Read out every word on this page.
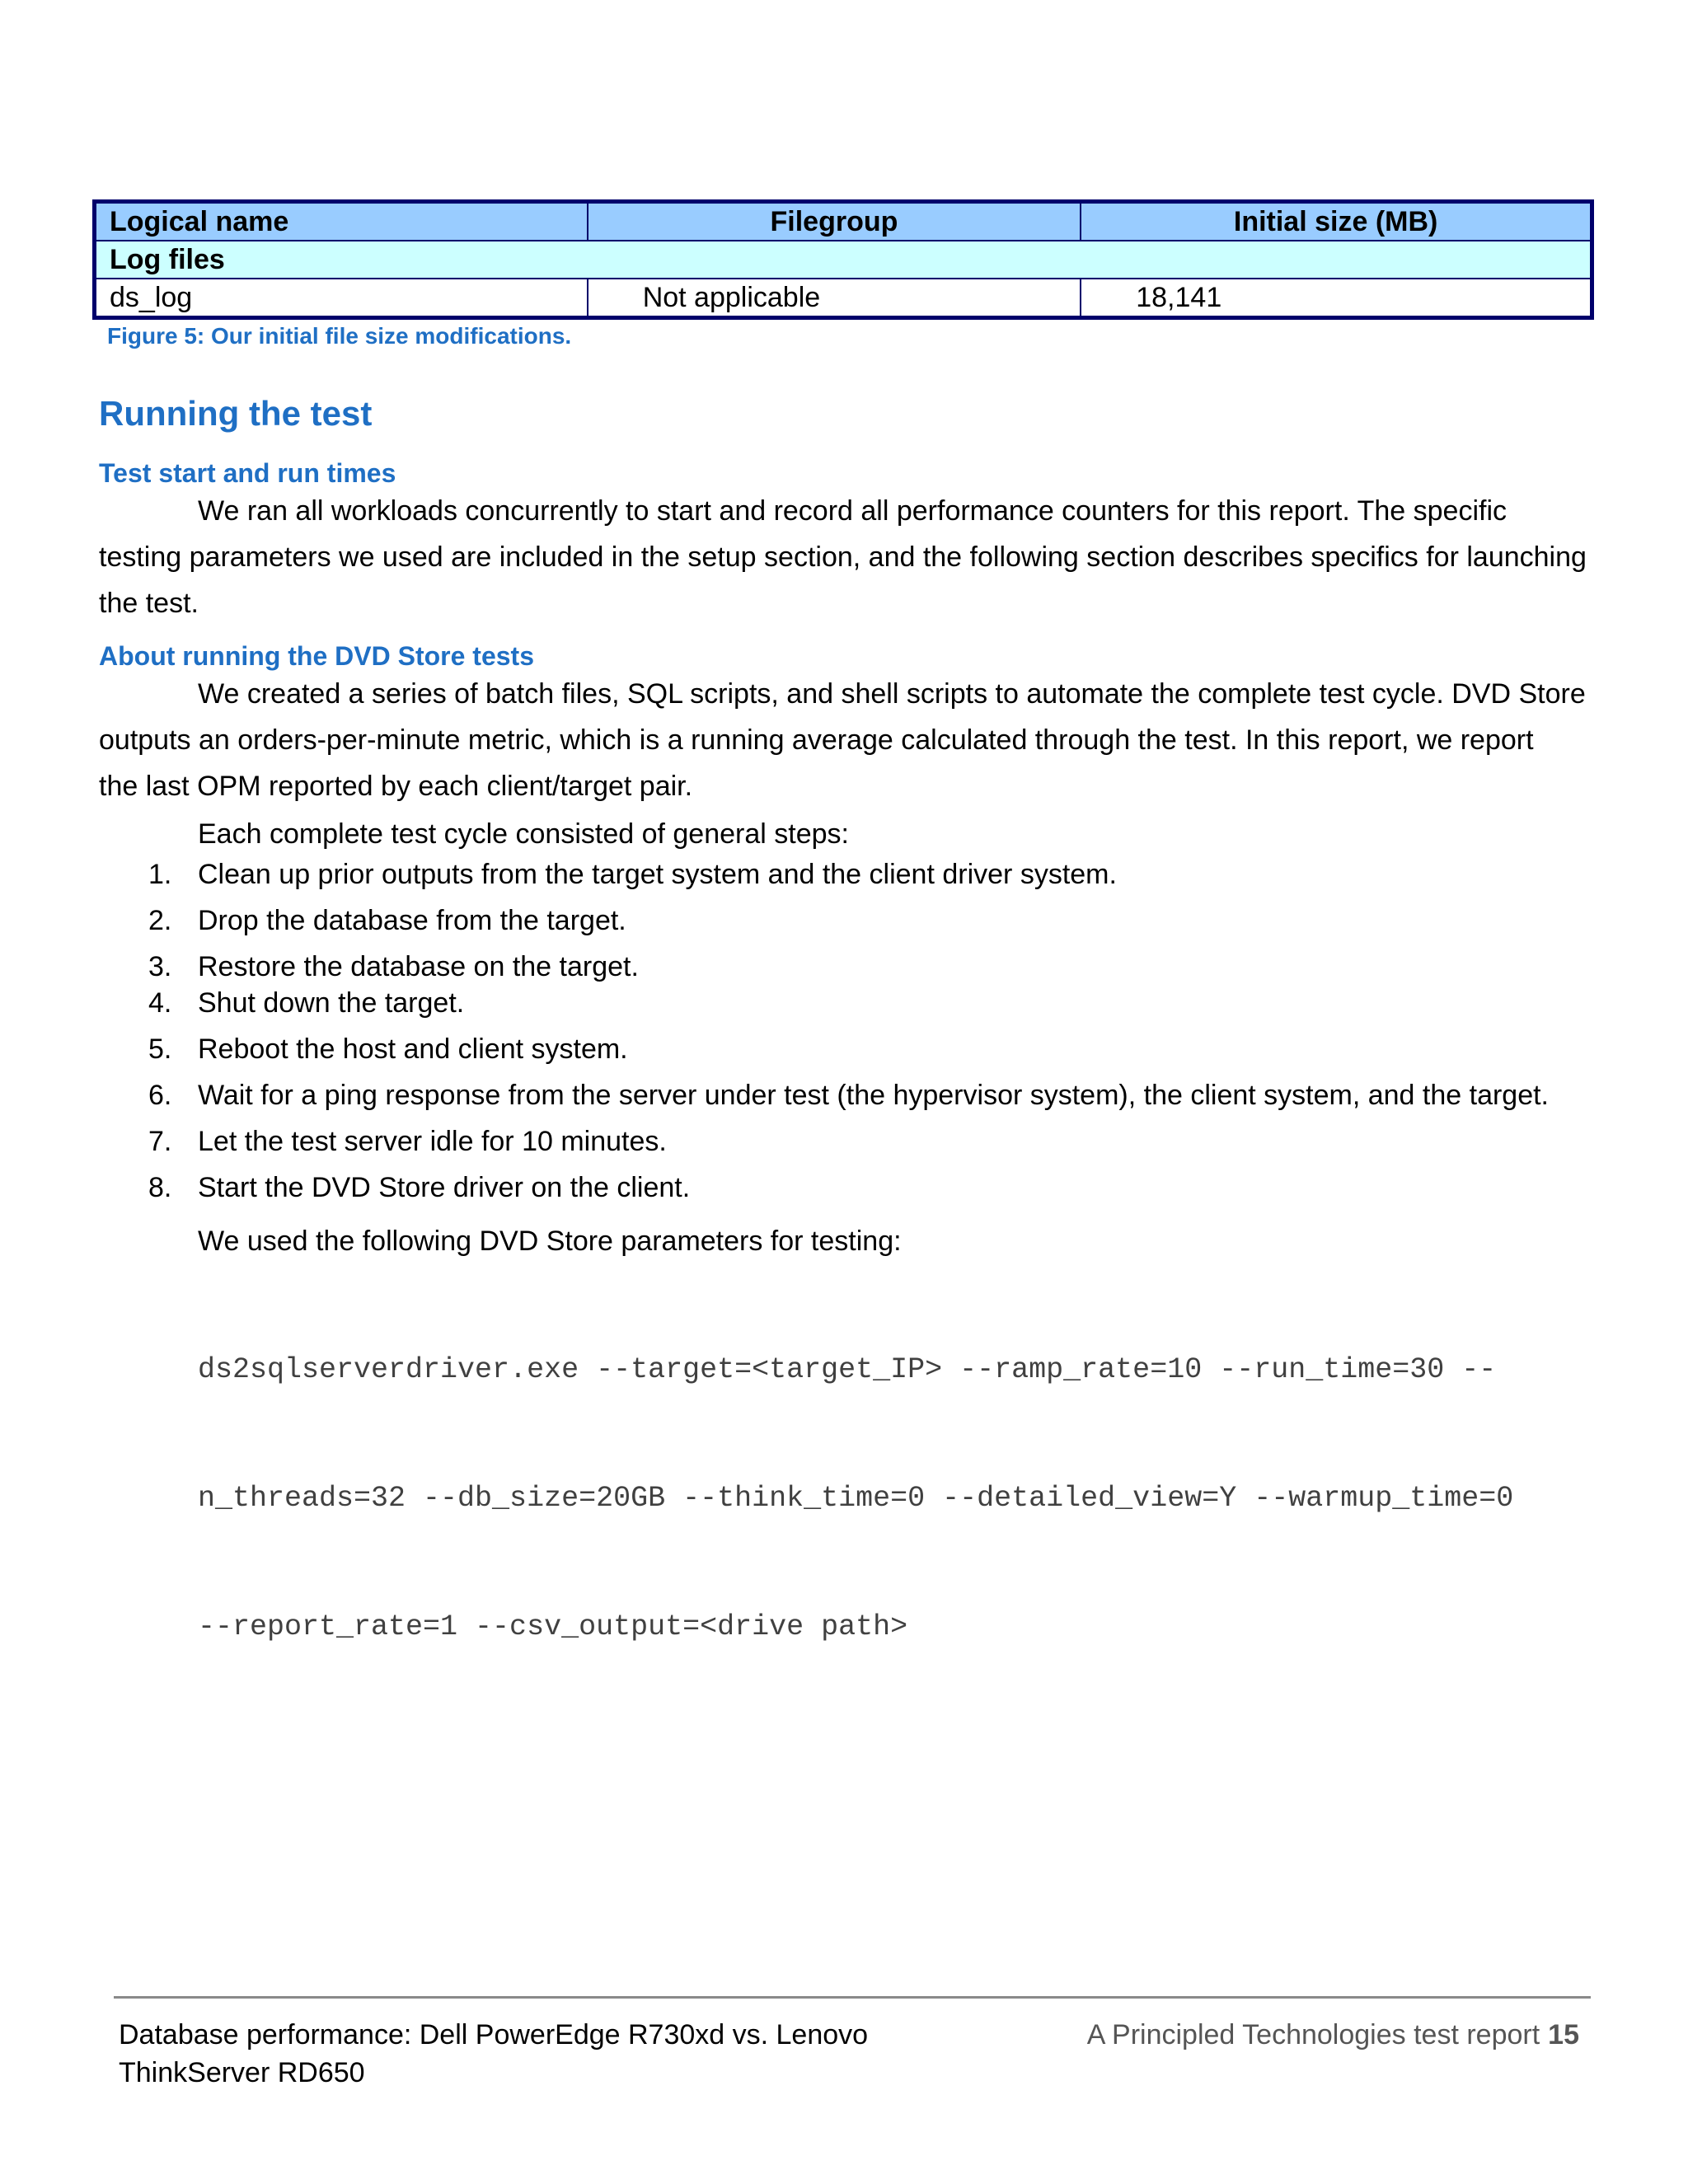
Logical name	Filegroup	Initial size (MB)
Log files		
ds_log	Not applicable	18,141
Figure 5: Our initial file size modifications.
Running the test
Test start and run times
We ran all workloads concurrently to start and record all performance counters for this report. The specific
testing parameters we used are included in the setup section, and the following section describes specifics for launching
the test.
About running the DVD Store tests
We created a series of batch files, SQL scripts, and shell scripts to automate the complete test cycle. DVD Store
outputs an orders-per-minute metric, which is a running average calculated through the test. In this report, we report
the last OPM reported by each client/target pair.
Each complete test cycle consisted of general steps:
1. Clean up prior outputs from the target system and the client driver system.
2. Drop the database from the target.
3. Restore the database on the target.
4. Shut down the target.
5. Reboot the host and client system.
6. Wait for a ping response from the server under test (the hypervisor system), the client system, and the target.
7. Let the test server idle for 10 minutes.
8. Start the DVD Store driver on the client.
We used the following DVD Store parameters for testing:

ds2sqlserverdriver.exe --target=<target_IP> --ramp_rate=10 --run_time=30 --

n_threads=32 --db_size=20GB --think_time=0 --detailed_view=Y --warmup_time=0

--report_rate=1 --csv_output=<drive path>

Database performance: Dell PowerEdge R730xd vs. Lenovo
ThinkServer RD650
A Principled Technologies test report 15
